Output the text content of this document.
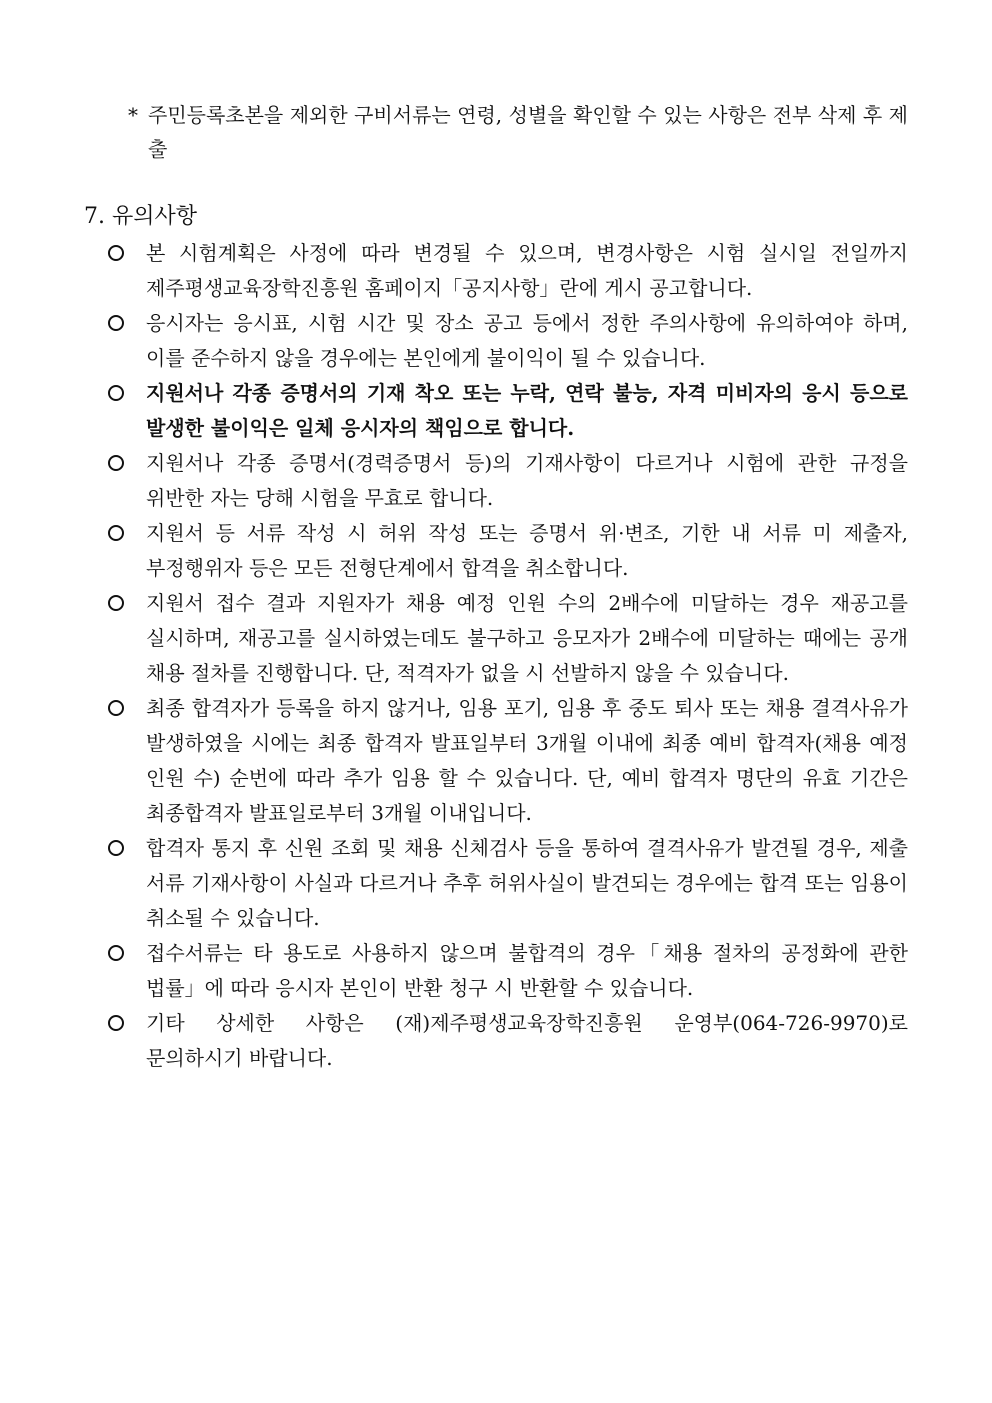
* 주민등록초본을 제외한 구비서류는 연령, 성별을 확인할 수 있는 사항은 전부 삭제 후 제출
7. 유의사항
본 시험계획은 사정에 따라 변경될 수 있으며, 변경사항은 시험 실시일 전일까지 제주평생교육장학진흥원 홈페이지「공지사항」란에 게시 공고합니다.
응시자는 응시표, 시험 시간 및 장소 공고 등에서 정한 주의사항에 유의하여야 하며, 이를 준수하지 않을 경우에는 본인에게 불이익이 될 수 있습니다.
지원서나 각종 증명서의 기재 착오 또는 누락, 연락 불능, 자격 미비자의 응시 등으로 발생한 불이익은 일체 응시자의 책임으로 합니다.
지원서나 각종 증명서(경력증명서 등)의 기재사항이 다르거나 시험에 관한 규정을 위반한 자는 당해 시험을 무효로 합니다.
지원서 등 서류 작성 시 허위 작성 또는 증명서 위·변조, 기한 내 서류 미 제출자, 부정행위자 등은 모든 전형단계에서 합격을 취소합니다.
지원서 접수 결과 지원자가 채용 예정 인원 수의 2배수에 미달하는 경우 재공고를 실시하며, 재공고를 실시하였는데도 불구하고 응모자가 2배수에 미달하는 때에는 공개 채용 절차를 진행합니다. 단, 적격자가 없을 시 선발하지 않을 수 있습니다.
최종 합격자가 등록을 하지 않거나, 임용 포기, 임용 후 중도 퇴사 또는 채용 결격사유가 발생하였을 시에는 최종 합격자 발표일부터 3개월 이내에 최종 예비 합격자(채용 예정 인원 수) 순번에 따라 추가 임용 할 수 있습니다. 단, 예비 합격자 명단의 유효 기간은 최종합격자 발표일로부터 3개월 이내입니다.
합격자 통지 후 신원 조회 및 채용 신체검사 등을 통하여 결격사유가 발견될 경우, 제출 서류 기재사항이 사실과 다르거나 추후 허위사실이 발견되는 경우에는 합격 또는 임용이 취소될 수 있습니다.
접수서류는 타 용도로 사용하지 않으며 불합격의 경우「채용 절차의 공정화에 관한 법률」에 따라 응시자 본인이 반환 청구 시 반환할 수 있습니다.
기타 상세한 사항은 (재)제주평생교육장학진흥원 운영부(064-726-9970)로 문의하시기 바랍니다.
